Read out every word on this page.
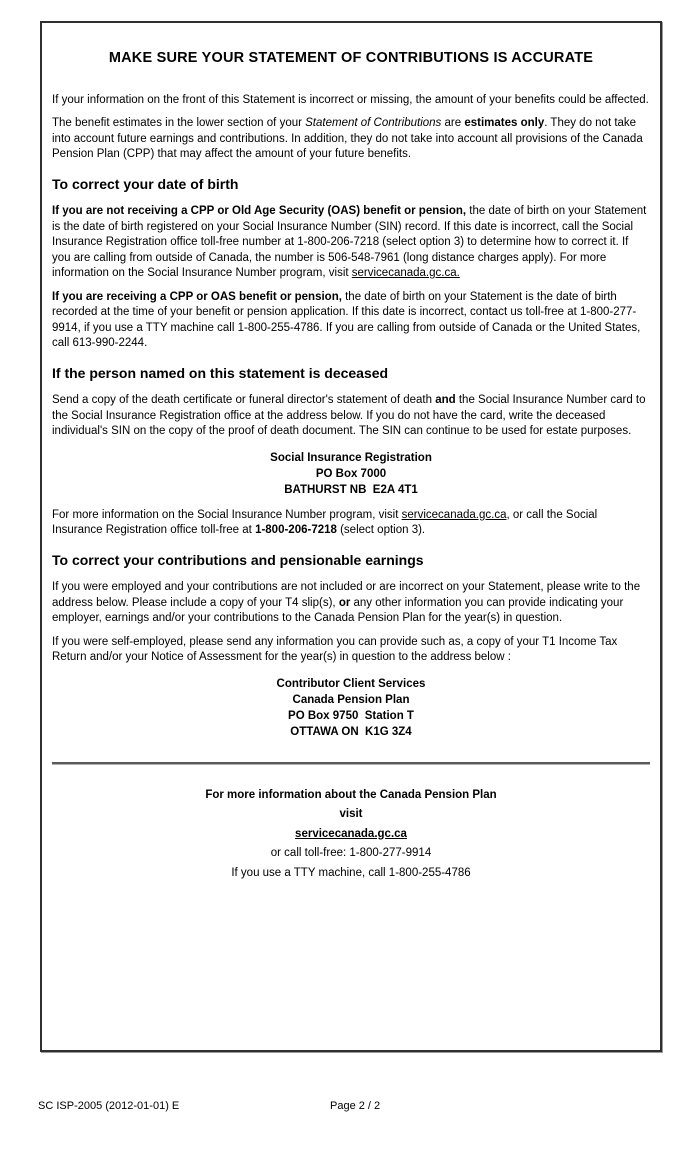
MAKE SURE YOUR STATEMENT OF CONTRIBUTIONS IS ACCURATE

If your information on the front of this Statement is incorrect or missing, the amount of your benefits could be affected.

The benefit estimates in the lower section of your Statement of Contributions are estimates only. They do not take into account future earnings and contributions. In addition, they do not take into account all provisions of the Canada Pension Plan (CPP) that may affect the amount of your future benefits.

To correct your date of birth

If you are not receiving a CPP or Old Age Security (OAS) benefit or pension, the date of birth on your Statement is the date of birth registered on your Social Insurance Number (SIN) record. If this date is incorrect, call the Social Insurance Registration office toll-free number at 1-800-206-7218 (select option 3) to determine how to correct it. If you are calling from outside of Canada, the number is 506-548-7961 (long distance charges apply). For more information on the Social Insurance Number program, visit servicecanada.gc.ca.

If you are receiving a CPP or OAS benefit or pension, the date of birth on your Statement is the date of birth recorded at the time of your benefit or pension application. If this date is incorrect, contact us toll-free at 1-800-277-9914, if you use a TTY machine call 1-800-255-4786. If you are calling from outside of Canada or the United States, call 613-990-2244.

If the person named on this statement is deceased

Send a copy of the death certificate or funeral director's statement of death and the Social Insurance Number card to the Social Insurance Registration office at the address below. If you do not have the card, write the deceased individual's SIN on the copy of the proof of death document. The SIN can continue to be used for estate purposes.

Social Insurance Registration
PO Box 7000
BATHURST NB  E2A 4T1

For more information on the Social Insurance Number program, visit servicecanada.gc.ca, or call the Social Insurance Registration office toll-free at 1-800-206-7218 (select option 3).

To correct your contributions and pensionable earnings

If you were employed and your contributions are not included or are incorrect on your Statement, please write to the address below. Please include a copy of your T4 slip(s), or any other information you can provide indicating your employer, earnings and/or your contributions to the Canada Pension Plan for the year(s) in question.

If you were self-employed, please send any information you can provide such as, a copy of your T1 Income Tax Return and/or your Notice of Assessment for the year(s) in question to the address below :

Contributor Client Services
Canada Pension Plan
PO Box 9750  Station T
OTTAWA ON  K1G 3Z4
For more information about the Canada Pension Plan
visit
servicecanada.gc.ca
or call toll-free: 1-800-277-9914
If you use a TTY machine, call 1-800-255-4786
SC ISP-2005 (2012-01-01) E	Page 2 / 2
